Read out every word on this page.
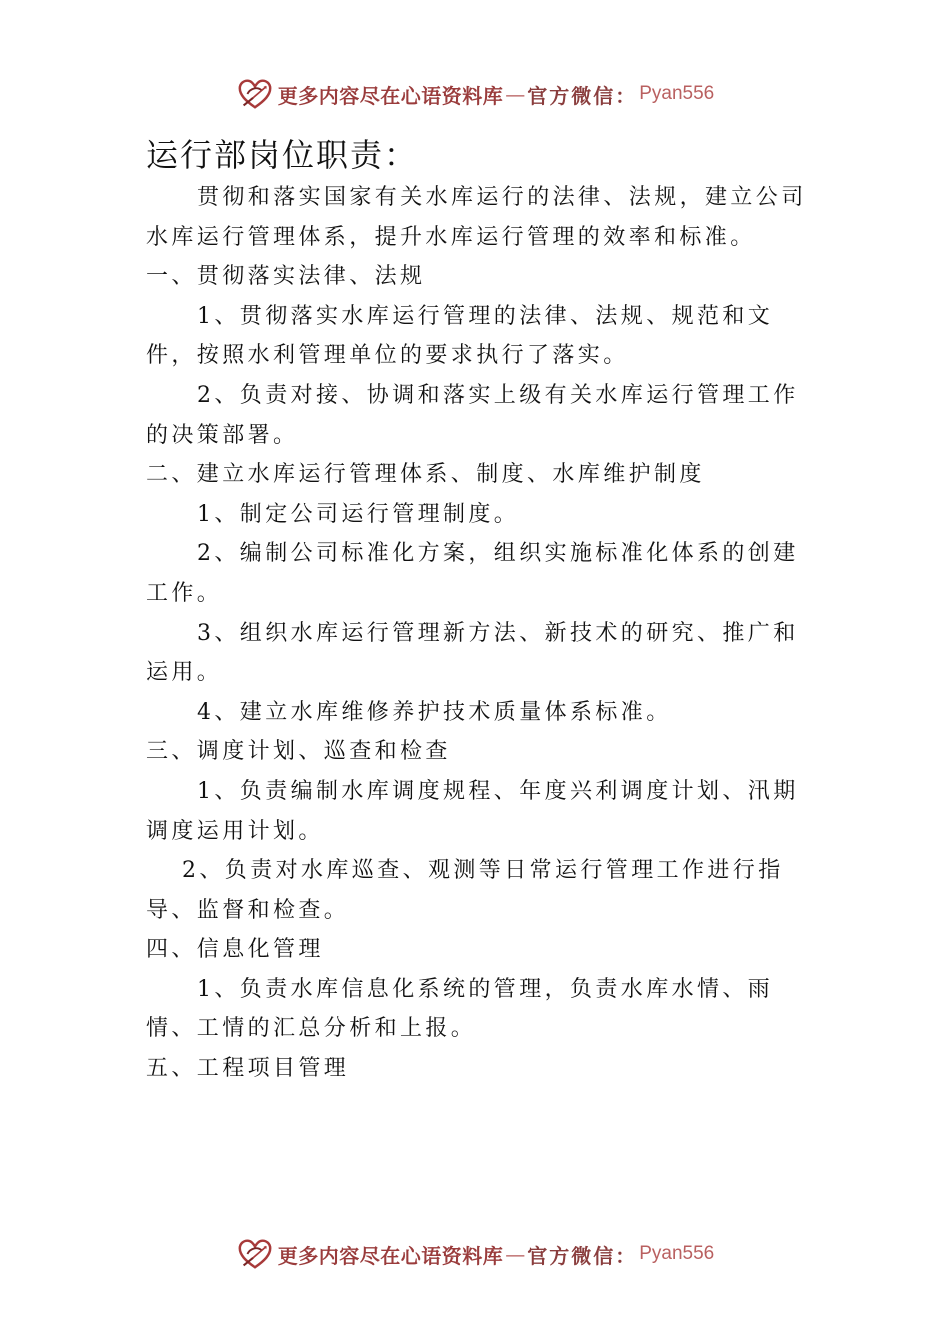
更多内容尽在心语资料库 — 官方微信： Pyan556
运行部岗位职责：

贯彻和落实国家有关水库运行的法律、法规，建立公司水库运行管理体系，提升水库运行管理的效率和标准。

一、贯彻落实法律、法规

1、贯彻落实水库运行管理的法律、法规、规范和文件，按照水利管理单位的要求执行了落实。

2、负责对接、协调和落实上级有关水库运行管理工作的决策部署。

二、建立水库运行管理体系、制度、水库维护制度

1、制定公司运行管理制度。

2、编制公司标准化方案，组织实施标准化体系的创建工作。

3、组织水库运行管理新方法、新技术的研究、推广和运用。

4、建立水库维修养护技术质量体系标准。

三、调度计划、巡查和检查

1、负责编制水库调度规程、年度兴利调度计划、汛期调度运用计划。

2、负责对水库巡查、观测等日常运行管理工作进行指导、监督和检查。

四、信息化管理

1、负责水库信息化系统的管理，负责水库水情、雨情、工情的汇总分析和上报。

五、工程项目管理

更多内容尽在心语资料库 — 官方微信： Pyan556
